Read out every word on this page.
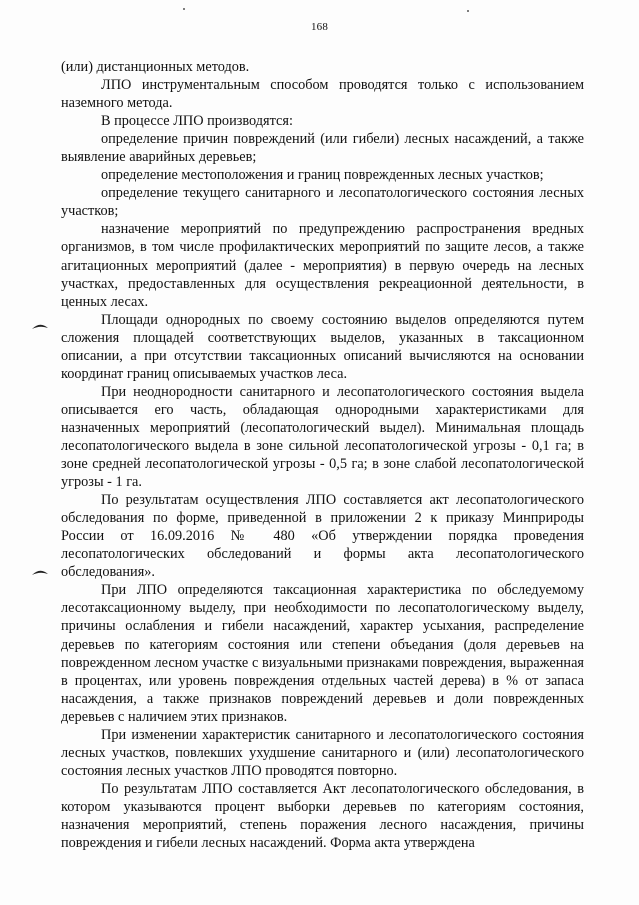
168

(или) дистанционных методов.

ЛПО инструментальным способом проводятся только с использованием наземного метода.

В процессе ЛПО производятся:

определение причин повреждений (или гибели) лесных насаждений, а также выявление аварийных деревьев;

определение местоположения и границ поврежденных лесных участков;

определение текущего санитарного и лесопатологического состояния лесных участков;

назначение мероприятий по предупреждению распространения вредных организмов, в том числе профилактических мероприятий по защите лесов, а также агитационных мероприятий (далее - мероприятия) в первую очередь на лесных участках, предоставленных для осуществления рекреационной деятельности, в ценных лесах.

Площади однородных по своему состоянию выделов определяются путем сложения площадей соответствующих выделов, указанных в таксационном описании, а при отсутствии таксационных описаний вычисляются на основании координат границ описываемых участков леса.

При неоднородности санитарного и лесопатологического состояния выдела описывается его часть, обладающая однородными характеристиками для назначенных мероприятий (лесопатологический выдел). Минимальная площадь лесопатологического выдела в зоне сильной лесопатологической угрозы - 0,1 га; в зоне средней лесопатологической угрозы - 0,5 га; в зоне слабой лесопатологической угрозы - 1 га.

По результатам осуществления ЛПО составляется акт лесопатологического обследования по форме, приведенной в приложении 2 к приказу Минприроды России от 16.09.2016 № 480 «Об утверждении порядка проведения лесопатологических обследований и формы акта лесопатологического обследования».

При ЛПО определяются таксационная характеристика по обследуемому лесотаксационному выделу, при необходимости по лесопатологическому выделу, причины ослабления и гибели насаждений, характер усыхания, распределение деревьев по категориям состояния или степени объедания (доля деревьев на поврежденном лесном участке с визуальными признаками повреждения, выраженная в процентах, или уровень повреждения отдельных частей дерева) в % от запаса насаждения, а также признаков повреждений деревьев и доли поврежденных деревьев с наличием этих признаков.

При изменении характеристик санитарного и лесопатологического состояния лесных участков, повлекших ухудшение санитарного и (или) лесопатологического состояния лесных участков ЛПО проводятся повторно.

По результатам ЛПО составляется Акт лесопатологического обследования, в котором указываются процент выборки деревьев по категориям состояния, назначения мероприятий, степень поражения лесного насаждения, причины повреждения и гибели лесных насаждений. Форма акта утверждена
